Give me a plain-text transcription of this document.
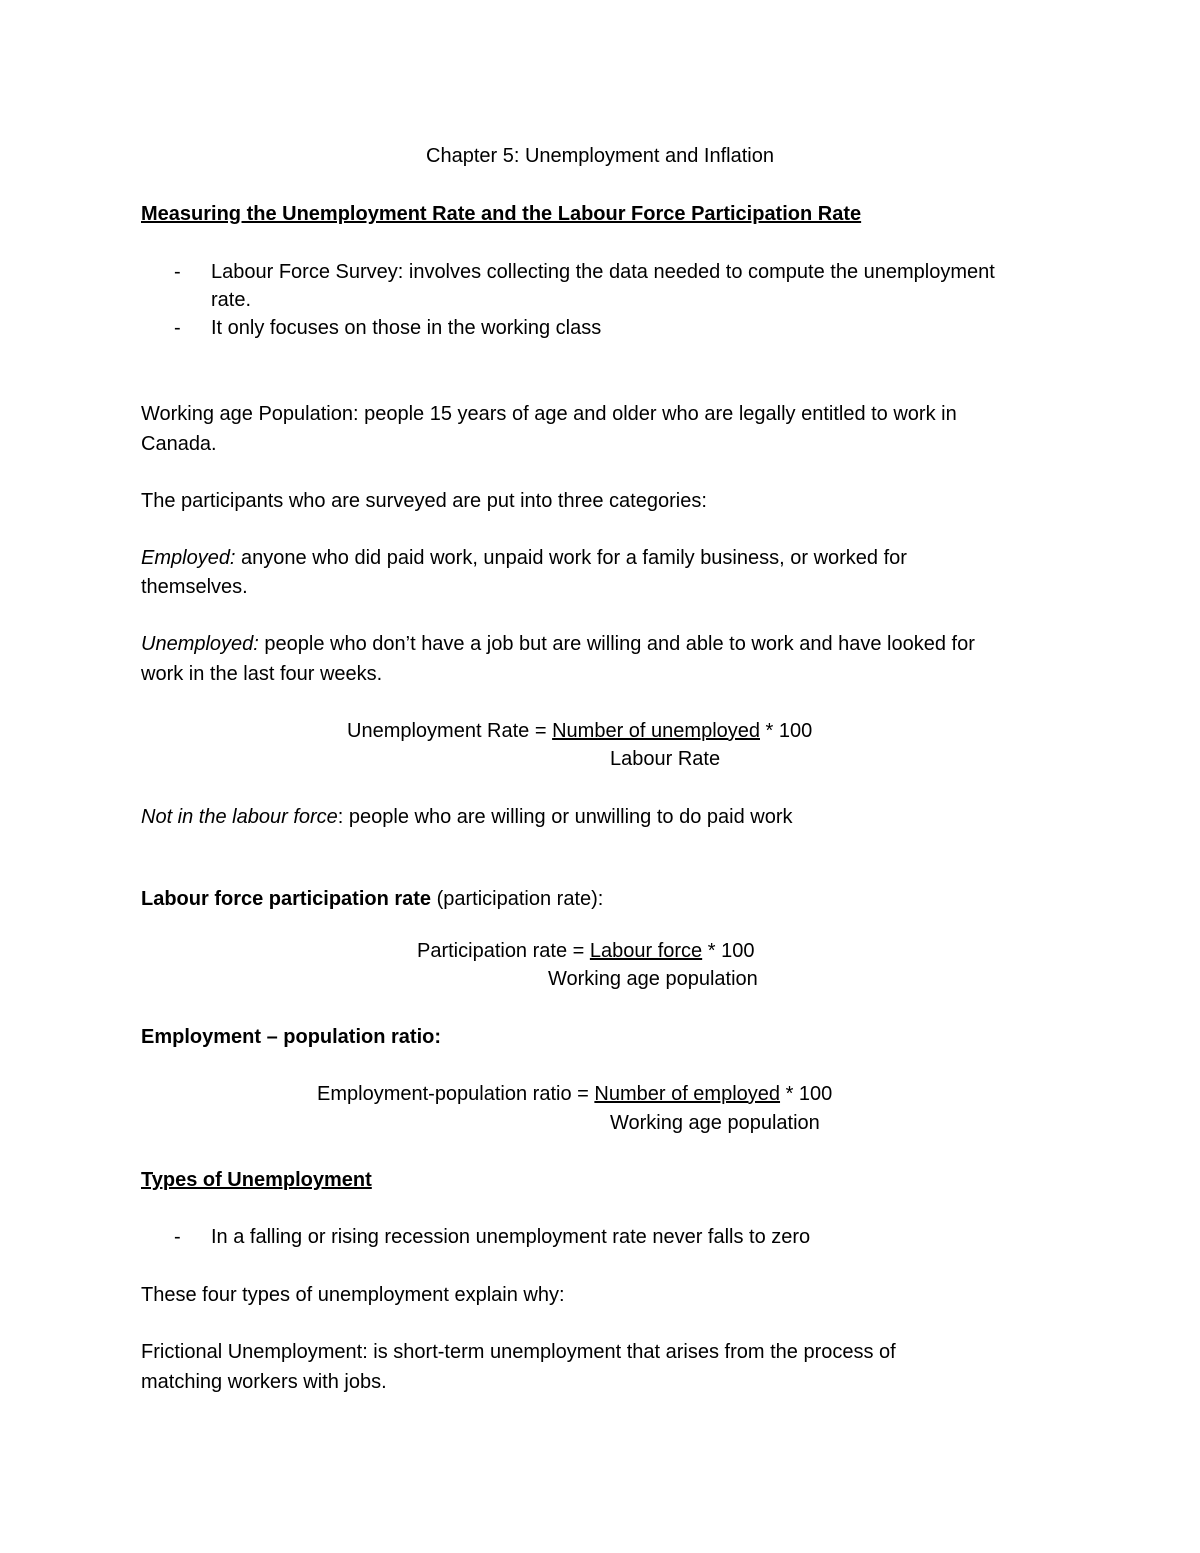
Chapter 5: Unemployment and Inflation

Measuring the Unemployment Rate and the Labour Force Participation Rate

- Labour Force Survey: involves collecting the data needed to compute the unemployment

rate.

- It only focuses on those in the working class

Working age Population: people 15 years of age and older who are legally entitled to work in

Canada.

The participants who are surveyed are put into three categories:

Employed: anyone who did paid work, unpaid work for a family business, or worked for

themselves.

Unemployed: people who don’t have a job but are willing and able to work and have looked for

work in the last four weeks.

Unemployment Rate = Number of unemployed * 100

Labour Rate

Not in the labour force: people who are willing or unwilling to do paid work

Labour force participation rate (participation rate):

Participation rate = Labour force * 100

Working age population

Employment – population ratio:

Employment-population ratio = Number of employed * 100

Working age population

Types of Unemployment

- In a falling or rising recession unemployment rate never falls to zero

These four types of unemployment explain why:

Frictional Unemployment: is short-term unemployment that arises from the process of

matching workers with jobs.
